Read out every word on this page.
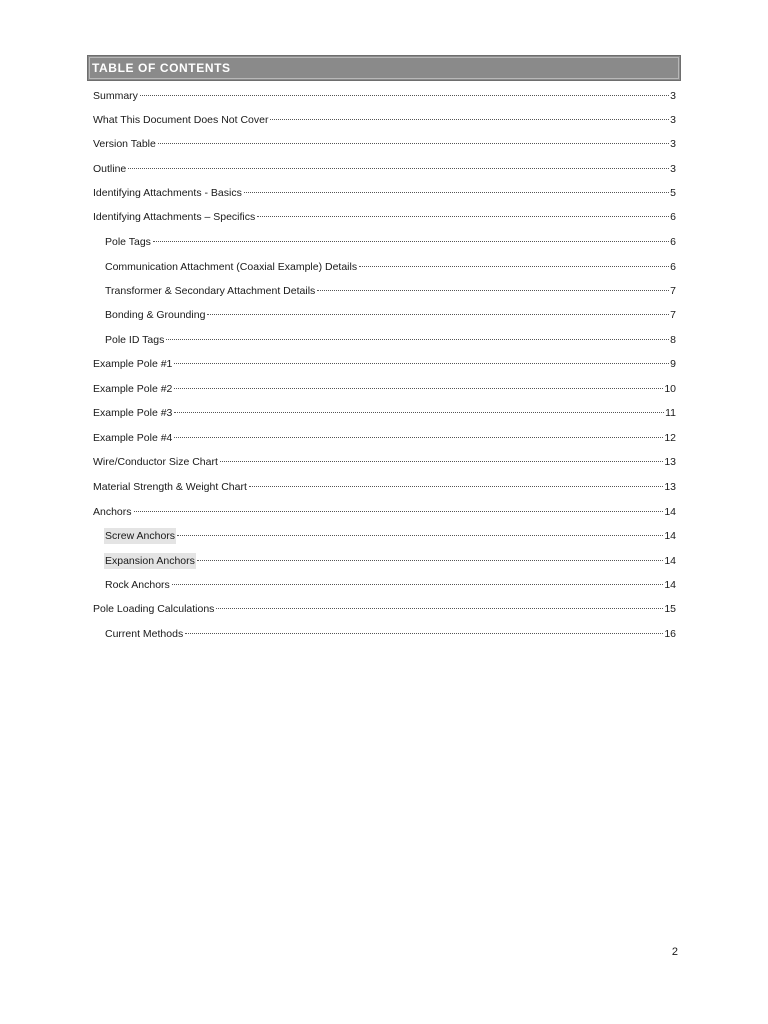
TABLE OF CONTENTS
Summary	3
What This Document Does Not Cover	3
Version Table	3
Outline	3
Identifying Attachments - Basics	5
Identifying Attachments – Specifics	6
Pole Tags	6
Communication Attachment (Coaxial Example) Details	6
Transformer & Secondary Attachment Details	7
Bonding & Grounding	7
Pole ID Tags	8
Example Pole #1	9
Example Pole #2	10
Example Pole #3	11
Example Pole #4	12
Wire/Conductor Size Chart	13
Material Strength & Weight Chart	13
Anchors	14
Screw Anchors	14
Expansion Anchors	14
Rock Anchors	14
Pole Loading Calculations	15
Current Methods	16
2
